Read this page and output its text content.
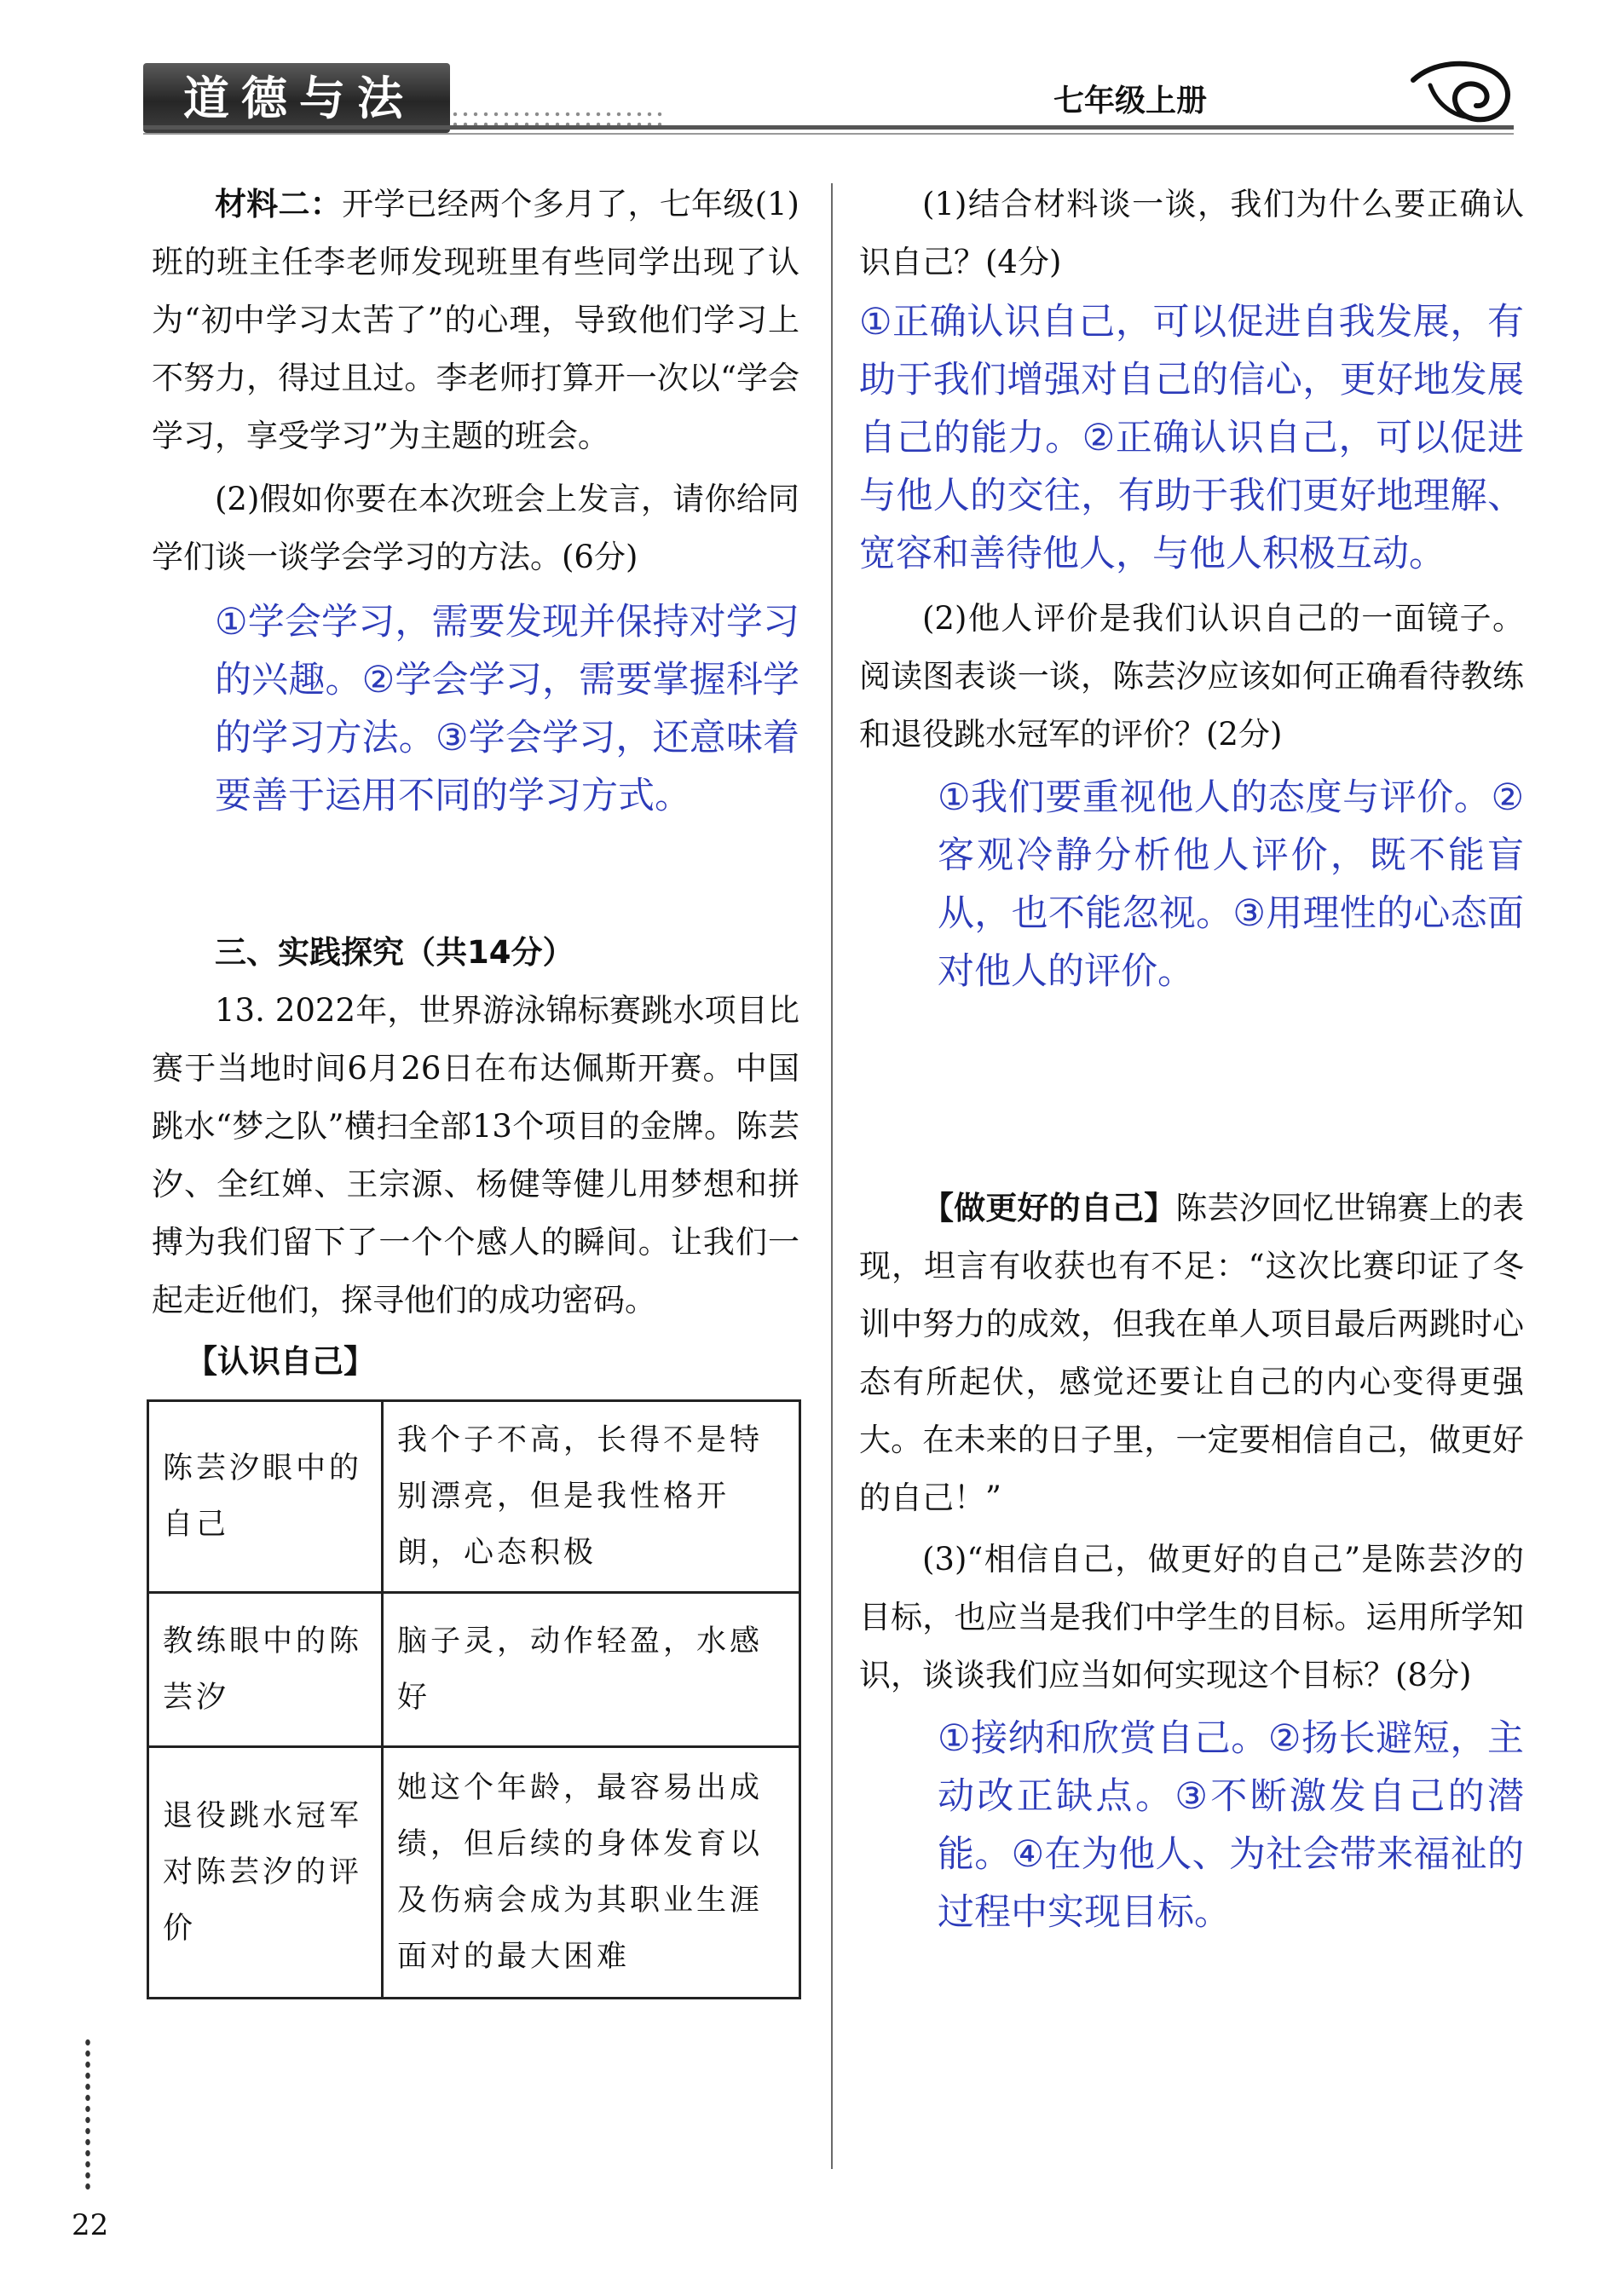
道德与法治
七年级上册

材料二：开学已经两个多月了，七年级(1)班的班主任李老师发现班里有些同学出现了认为“初中学习太苦了”的心理，导致他们学习上不努力，得过且过。李老师打算开一次以“学会学习，享受学习”为主题的班会。

(2)假如你要在本次班会上发言，请你给同学们谈一谈学会学习的方法。(6分)

①学会学习，需要发现并保持对学习的兴趣。②学会学习，需要掌握科学的学习方法。③学会学习，还意味着要善于运用不同的学习方式。

三、实践探究（共14分）

13. 2022年，世界游泳锦标赛跳水项目比赛于当地时间6月26日在布达佩斯开赛。中国跳水“梦之队”横扫全部13个项目的金牌。陈芸汐、全红婵、王宗源、杨健等健儿用梦想和拼搏为我们留下了一个个感人的瞬间。让我们一起走近他们，探寻他们的成功密码。

【认识自己】

陈芸汐眼中的自己	我个子不高，长得不是特别漂亮，但是我性格开朗，心态积极
教练眼中的陈芸汐	脑子灵，动作轻盈，水感好
退役跳水冠军对陈芸汐的评价	她这个年龄，最容易出成绩，但后续的身体发育以及伤病会成为其职业生涯面对的最大困难

(1)结合材料谈一谈，我们为什么要正确认识自己？(4分)

①正确认识自己，可以促进自我发展，有助于我们增强对自己的信心，更好地发展自己的能力。②正确认识自己，可以促进与他人的交往，有助于我们更好地理解、宽容和善待他人，与他人积极互动。

(2)他人评价是我们认识自己的一面镜子。阅读图表谈一谈，陈芸汐应该如何正确看待教练和退役跳水冠军的评价？(2分)

①我们要重视他人的态度与评价。②客观冷静分析他人评价，既不能盲从，也不能忽视。③用理性的心态面对他人的评价。

【做更好的自己】陈芸汐回忆世锦赛上的表现，坦言有收获也有不足：“这次比赛印证了冬训中努力的成效，但我在单人项目最后两跳时心态有所起伏，感觉还要让自己的内心变得更强大。在未来的日子里，一定要相信自己，做更好的自己！”

(3)“相信自己，做更好的自己”是陈芸汐的目标，也应当是我们中学生的目标。运用所学知识，谈谈我们应当如何实现这个目标？(8分)

①接纳和欣赏自己。②扬长避短，主动改正缺点。③不断激发自己的潜能。④在为他人、为社会带来福祉的过程中实现目标。

22
